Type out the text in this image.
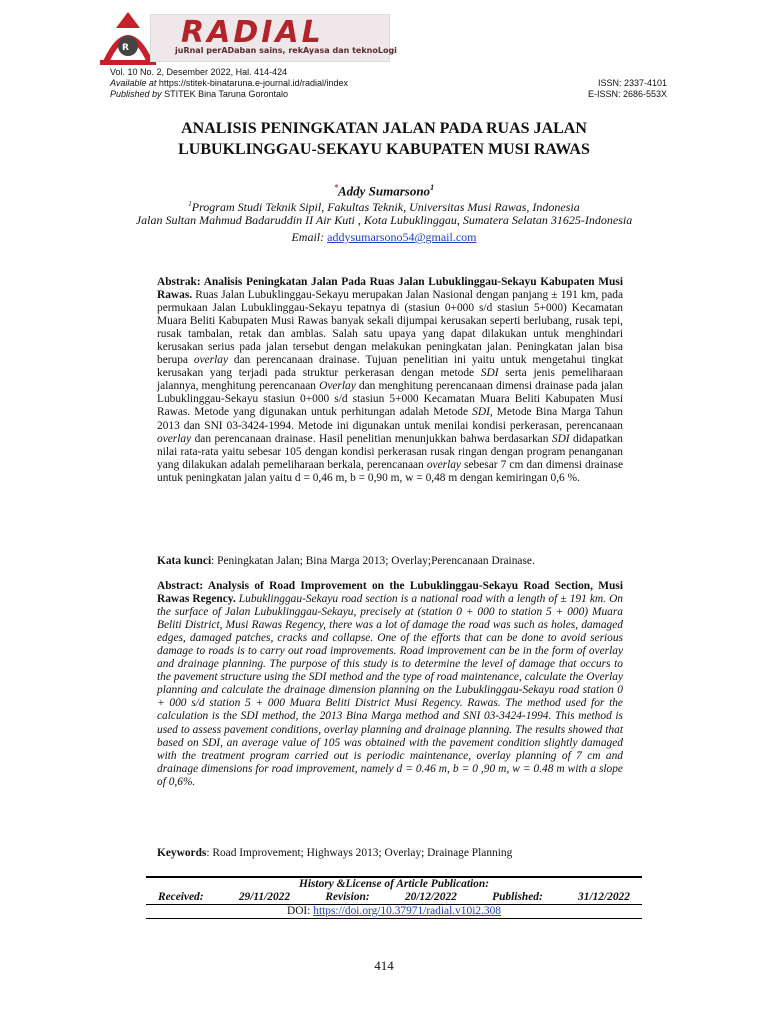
R RADIAL
juRnal perADaban sains, rekAyasa dan teknoLogi
Vol. 10 No. 2, Desember 2022, Hal. 414-424
Available at https://stitek-binataruna.e-journal.id/radial/index
Published by STITEK Bina Taruna Gorontalo
ISSN: 2337-4101
E-ISSN: 2686-553X
ANALISIS PENINGKATAN JALAN PADA RUAS JALAN
LUBUKLINGGAU-SEKAYU KABUPATEN MUSI RAWAS
*Addy Sumarsono$^1$
$^1$Program Studi Teknik Sipil, Fakultas Teknik, Universitas Musi Rawas, Indonesia
Jalan Sultan Mahmud Badaruddin II Air Kuti , Kota Lubuklinggau, Sumatera Selatan 31625-Indonesia
Email: addysumarsono54@gmail.com
Abstrak: Analisis Peningkatan Jalan Pada Ruas Jalan Lubuklinggau-Sekayu Kabupaten Musi Rawas. Ruas Jalan Lubuklinggau-Sekayu merupakan Jalan Nasional dengan panjang ± 191 km, pada permukaan Jalan Lubuklinggau-Sekayu tepatnya di (stasiun 0+000 s/d stasiun 5+000) Kecamatan Muara Beliti Kabupaten Musi Rawas banyak sekali dijumpai kerusakan seperti berlubang, rusak tepi, rusak tambalan, retak dan amblas. Salah satu upaya yang dapat dilakukan untuk menghindari kerusakan serius pada jalan tersebut dengan melakukan peningkatan jalan. Peningkatan jalan bisa berupa overlay dan perencanaan drainase. Tujuan penelitian ini yaitu untuk mengetahui tingkat kerusakan yang terjadi pada struktur perkerasan dengan metode SDI serta jenis pemeliharaan jalannya, menghitung perencanaan Overlay dan menghitung perencanaan dimensi drainase pada jalan Lubuklinggau-Sekayu stasiun 0+000 s/d stasiun 5+000 Kecamatan Muara Beliti Kabupaten Musi Rawas. Metode yang digunakan untuk perhitungan adalah Metode SDI, Metode Bina Marga Tahun 2013 dan SNI 03-3424-1994. Metode ini digunakan untuk menilai kondisi perkerasan, perencanaan overlay dan perencanaan drainase. Hasil penelitian menunjukkan bahwa berdasarkan SDI didapatkan nilai rata-rata yaitu sebesar 105 dengan kondisi perkerasan rusak ringan dengan program penanganan yang dilakukan adalah pemeliharaan berkala, perencanaan overlay sebesar 7 cm dan dimensi drainase untuk peningkatan jalan yaitu d = 0,46 m, b = 0,90 m, w = 0,48 m dengan kemiringan 0,6 %.
Kata kunci: Peningkatan Jalan; Bina Marga 2013; Overlay;Perencanaan Drainase.
Abstract: Analysis of Road Improvement on the Lubuklinggau-Sekayu Road Section, Musi Rawas Regency. Lubuklinggau-Sekayu road section is a national road with a length of ± 191 km. On the surface of Jalan Lubuklinggau-Sekayu, precisely at (station 0 + 000 to station 5 + 000) Muara Beliti District, Musi Rawas Regency, there was a lot of damage the road was such as holes, damaged edges, damaged patches, cracks and collapse. One of the efforts that can be done to avoid serious damage to roads is to carry out road improvements. Road improvement can be in the form of overlay and drainage planning. The purpose of this study is to determine the level of damage that occurs to the pavement structure using the SDI method and the type of road maintenance, calculate the Overlay planning and calculate the drainage dimension planning on the Lubuklinggau-Sekayu road station 0 + 000 s/d station 5 + 000 Muara Beliti District Musi Regency. Rawas. The method used for the calculation is the SDI method, the 2013 Bina Marga method and SNI 03-3424-1994. This method is used to assess pavement conditions, overlay planning and drainage planning. The results showed that based on SDI, an average value of 105 was obtained with the pavement condition slightly damaged with the treatment program carried out is periodic maintenance, overlay planning of 7 cm and drainage dimensions for road improvement, namely d = 0.46 m, b = 0 ,90 m, w = 0.48 m with a slope of 0,6%.
Keywords: Road Improvement; Highways 2013; Overlay; Drainage Planning
History &License of Article Publication:
Received:	29/11/2022	Revision:	20/12/2022	Published:	31/12/2022
DOI: https://doi.org/10.37971/radial.v10i2.308
414
